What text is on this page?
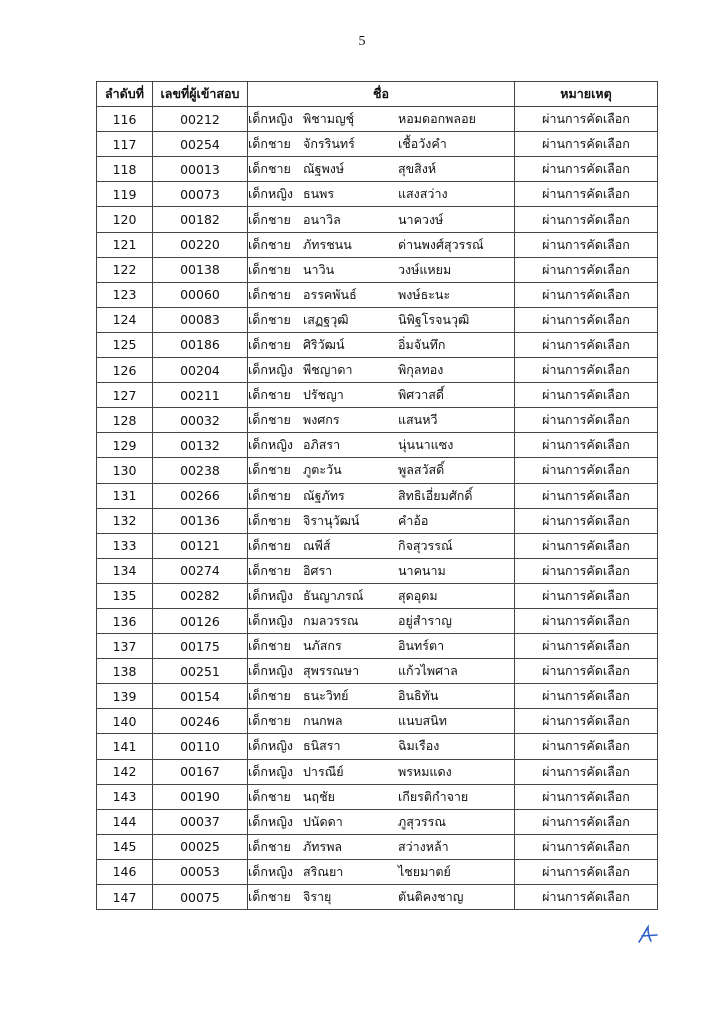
5
ลำดับที่	เลขที่ผู้เข้าสอบ	ชื่อ	หมายเหตุ
116	00212	เด็กหญิง พิชามญชุ์ หอมดอกพลอย	ผ่านการคัดเลือก
117	00254	เด็กชาย จักรรินทร์ เชื้อวังคำ	ผ่านการคัดเลือก
118	00013	เด็กชาย ณัฐพงษ์ สุขสิงห์	ผ่านการคัดเลือก
119	00073	เด็กหญิง ธนพร แสงสว่าง	ผ่านการคัดเลือก
120	00182	เด็กชาย อนาวิล นาควงษ์	ผ่านการคัดเลือก
121	00220	เด็กชาย ภัทรชนน ด่านพงศ์สุวรรณ์	ผ่านการคัดเลือก
122	00138	เด็กชาย นาวิน วงษ์แหยม	ผ่านการคัดเลือก
123	00060	เด็กชาย อรรคพันธ์ พงษ์ธะนะ	ผ่านการคัดเลือก
124	00083	เด็กชาย เสฏฐวุฒิ นิพิฐโรจนวุฒิ	ผ่านการคัดเลือก
125	00186	เด็กชาย ศิริวัฒน์ อิ่มจันทึก	ผ่านการคัดเลือก
126	00204	เด็กหญิง พีชญาดา พิกุลทอง	ผ่านการคัดเลือก
127	00211	เด็กชาย ปรัชญา พิศวาสดี์	ผ่านการคัดเลือก
128	00032	เด็กชาย พงศกร แสนหวี	ผ่านการคัดเลือก
129	00132	เด็กหญิง อภิสรา นุ่นนาแซง	ผ่านการคัดเลือก
130	00238	เด็กชาย ภูตะวัน พูลสวัสดิ์	ผ่านการคัดเลือก
131	00266	เด็กชาย ณัฐภัทร สิทธิเอี่ยมศักดิ์	ผ่านการคัดเลือก
132	00136	เด็กชาย จิรานุวัฒน์ คำอ้อ	ผ่านการคัดเลือก
133	00121	เด็กชาย ณพีส์ กิจสุวรรณ์	ผ่านการคัดเลือก
134	00274	เด็กชาย อิศรา นาคนาม	ผ่านการคัดเลือก
135	00282	เด็กหญิง ธันญาภรณ์ สุดอุดม	ผ่านการคัดเลือก
136	00126	เด็กหญิง กมลวรรณ อยู่สำราญ	ผ่านการคัดเลือก
137	00175	เด็กชาย นภัสกร อินทร์ตา	ผ่านการคัดเลือก
138	00251	เด็กหญิง สุพรรณษา แก้วไพศาล	ผ่านการคัดเลือก
139	00154	เด็กชาย ธนะวิทย์ อินธิทัน	ผ่านการคัดเลือก
140	00246	เด็กชาย กนกพล แนบสนิท	ผ่านการคัดเลือก
141	00110	เด็กหญิง ธนิสรา ฉิมเรือง	ผ่านการคัดเลือก
142	00167	เด็กหญิง ปารณีย์ พรหมแดง	ผ่านการคัดเลือก
143	00190	เด็กชาย นฤชัย เกียรติกำจาย	ผ่านการคัดเลือก
144	00037	เด็กหญิง ปนัดดา ภูสุวรรณ	ผ่านการคัดเลือก
145	00025	เด็กชาย ภัทรพล สว่างหล้า	ผ่านการคัดเลือก
146	00053	เด็กหญิง สริณยา ไชยมาตย์	ผ่านการคัดเลือก
147	00075	เด็กชาย จิรายุ ตันติคงชาญ	ผ่านการคัดเลือก
